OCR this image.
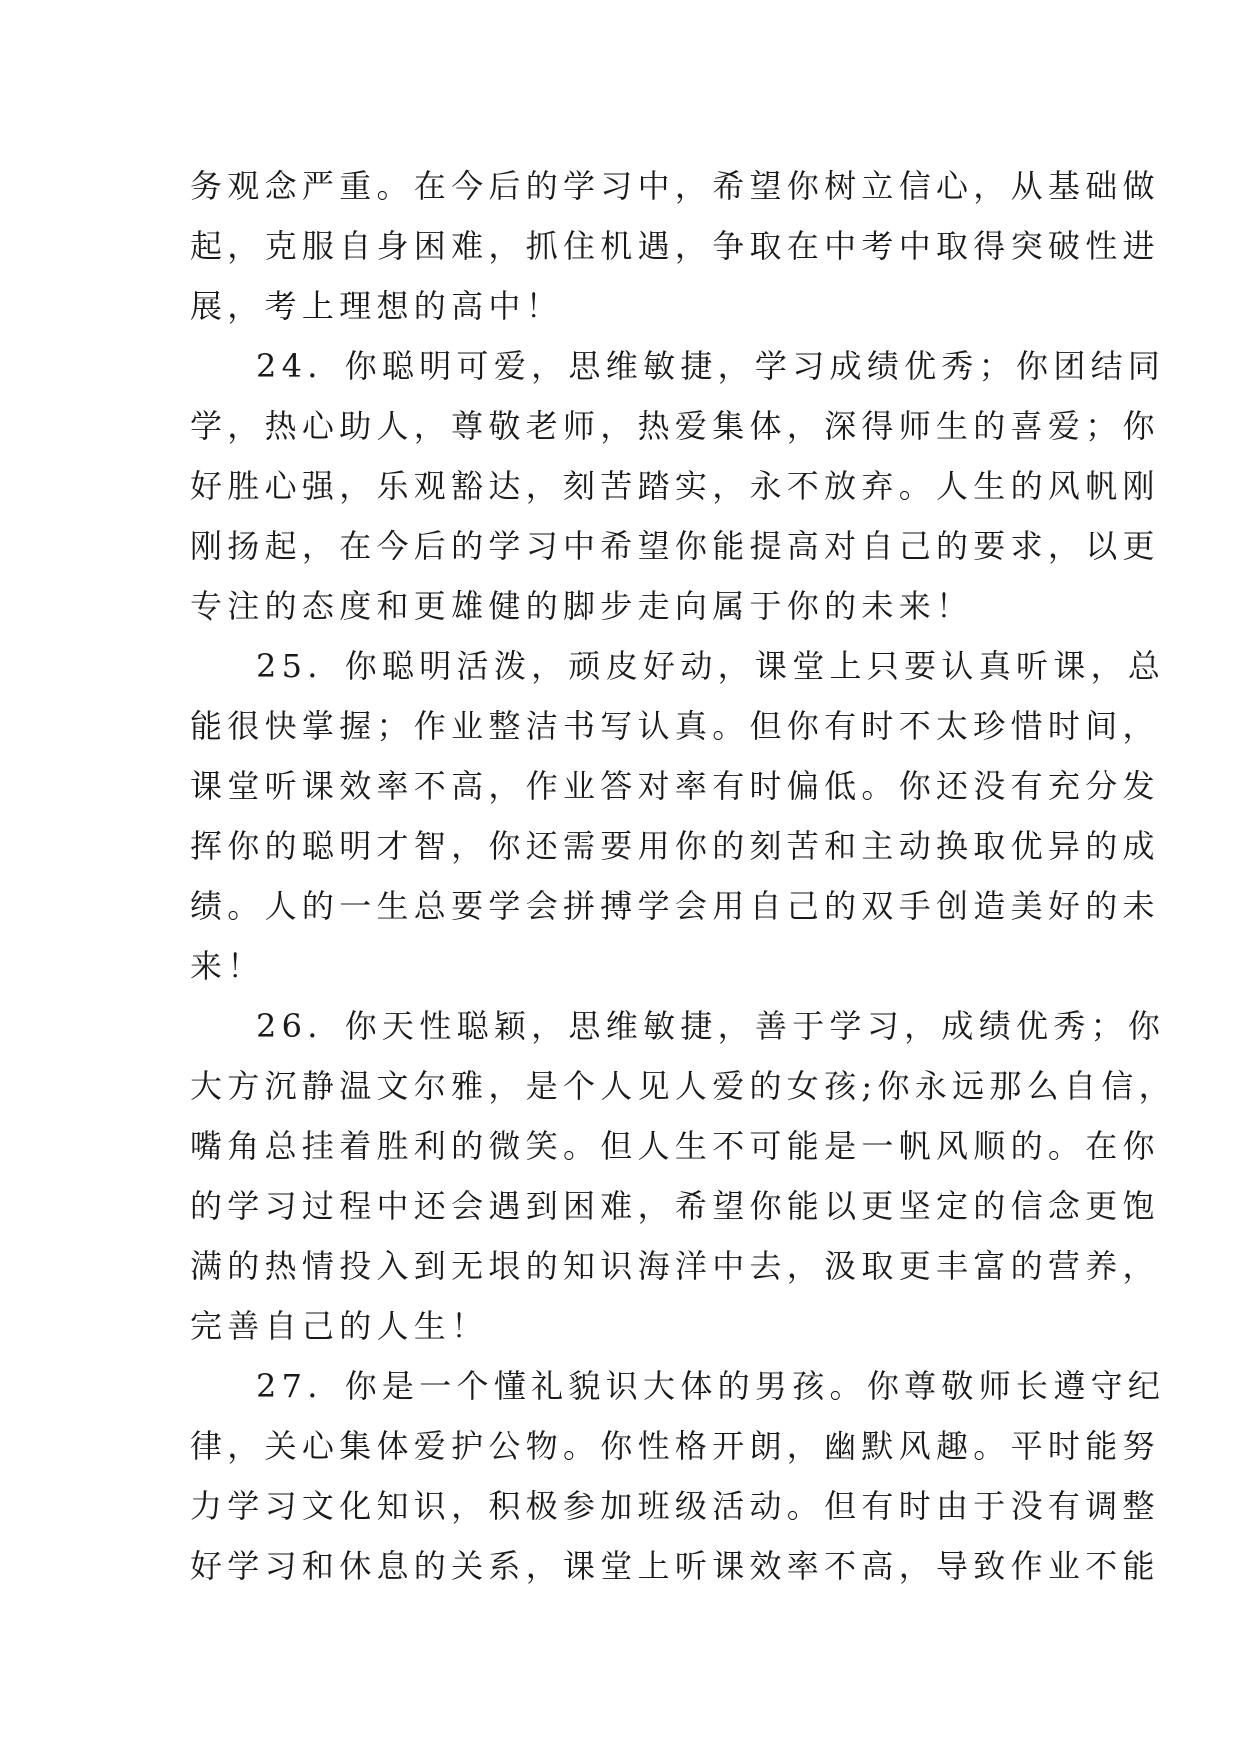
务观念严重。在今后的学习中，希望你树立信心，从基础做
起，克服自身困难，抓住机遇，争取在中考中取得突破性进
展，考上理想的高中！
24．你聪明可爱，思维敏捷，学习成绩优秀；你团结同
学，热心助人，尊敬老师，热爱集体，深得师生的喜爱；你
好胜心强，乐观豁达，刻苦踏实，永不放弃。人生的风帆刚
刚扬起，在今后的学习中希望你能提高对自己的要求，以更
专注的态度和更雄健的脚步走向属于你的未来！
25．你聪明活泼，顽皮好动，课堂上只要认真听课，总
能很快掌握；作业整洁书写认真。但你有时不太珍惜时间，
课堂听课效率不高，作业答对率有时偏低。你还没有充分发
挥你的聪明才智，你还需要用你的刻苦和主动换取优异的成
绩。人的一生总要学会拼搏学会用自己的双手创造美好的未
来！
26．你天性聪颖，思维敏捷，善于学习，成绩优秀；你
大方沉静温文尔雅，是个人见人爱的女孩;你永远那么自信，
嘴角总挂着胜利的微笑。但人生不可能是一帆风顺的。在你
的学习过程中还会遇到困难，希望你能以更坚定的信念更饱
满的热情投入到无垠的知识海洋中去，汲取更丰富的营养，
完善自己的人生！
27．你是一个懂礼貌识大体的男孩。你尊敬师长遵守纪
律，关心集体爱护公物。你性格开朗，幽默风趣。平时能努
力学习文化知识，积极参加班级活动。但有时由于没有调整
好学习和休息的关系，课堂上听课效率不高，导致作业不能
